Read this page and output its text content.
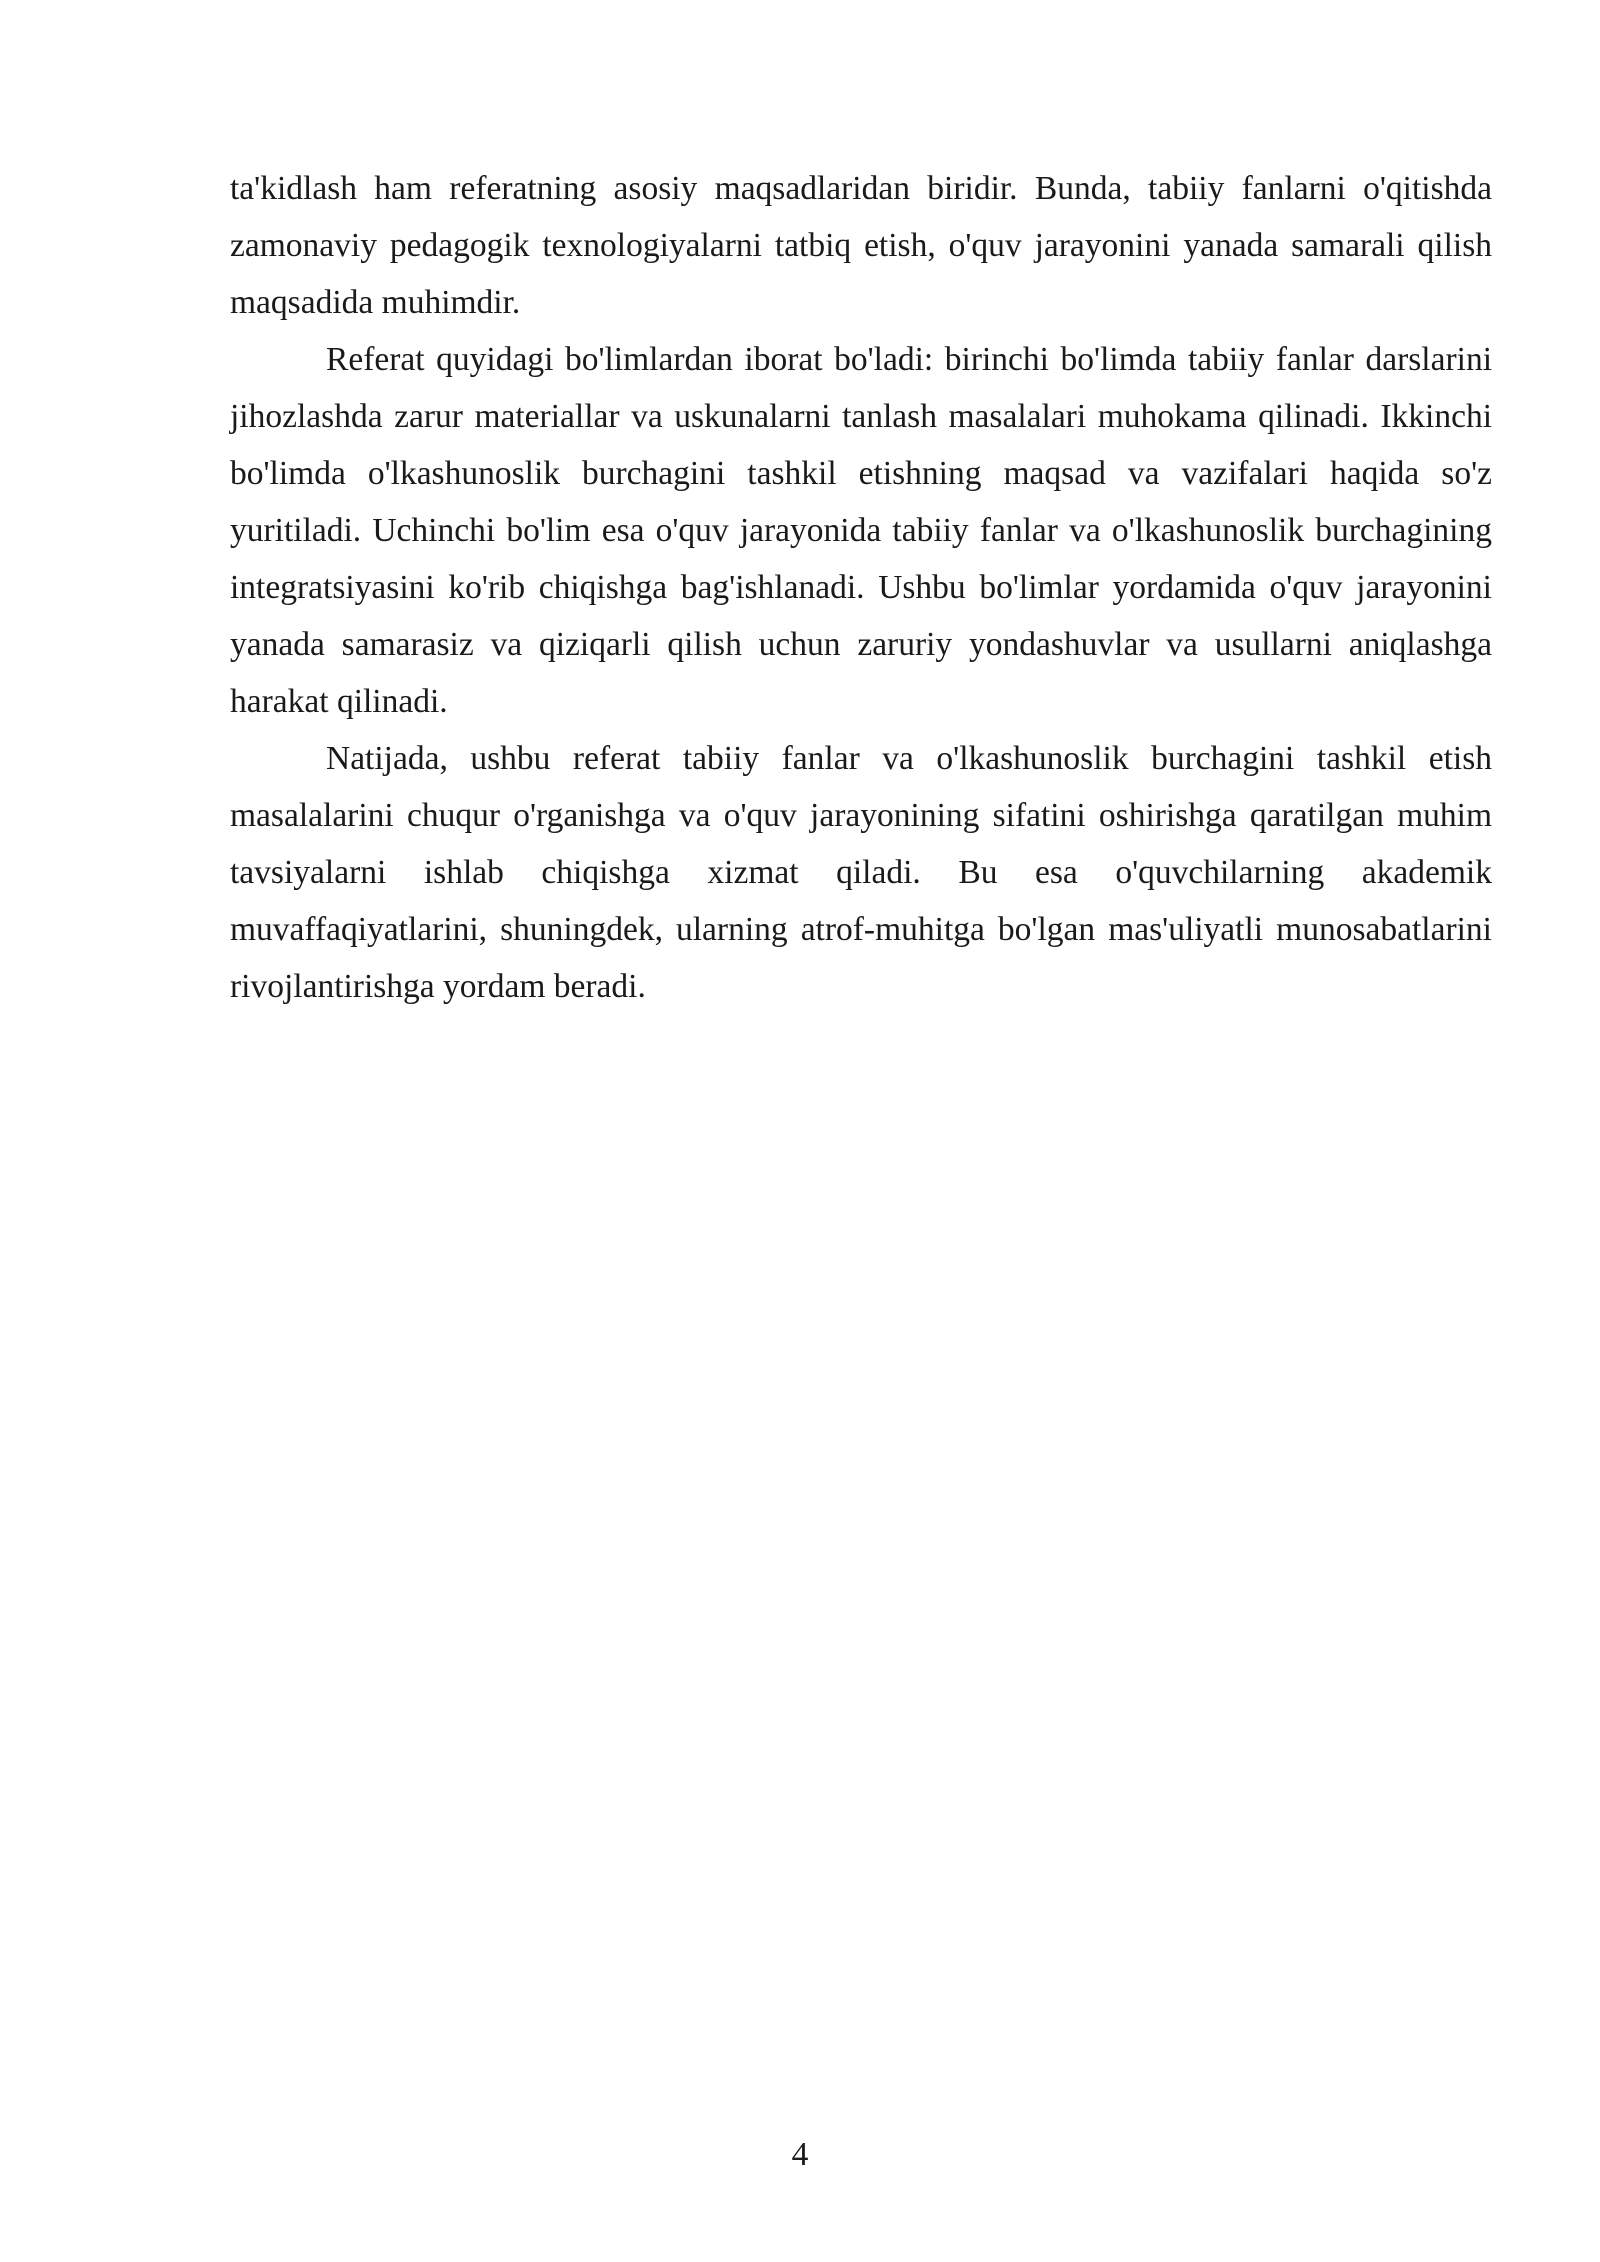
ta'kidlash ham referatning asosiy maqsadlaridan biridir. Bunda, tabiiy fanlarni o'qitishda zamonaviy pedagogik texnologiyalarni tatbiq etish, o'quv jarayonini yanada samarali qilish maqsadida muhimdir.

Referat quyidagi bo'limlardan iborat bo'ladi: birinchi bo'limda tabiiy fanlar darslarini jihozlashda zarur materiallar va uskunalarni tanlash masalalari muhokama qilinadi. Ikkinchi bo'limda o'lkashunoslik burchagini tashkil etishning maqsad va vazifalari haqida so'z yuritiladi. Uchinchi bo'lim esa o'quv jarayonida tabiiy fanlar va o'lkashunoslik burchagining integratsiyasini ko'rib chiqishga bag'ishlanadi. Ushbu bo'limlar yordamida o'quv jarayonini yanada samarasiz va qiziqarli qilish uchun zaruriy yondashuvlar va usullarni aniqlashga harakat qilinadi.

Natijada, ushbu referat tabiiy fanlar va o'lkashunoslik burchagini tashkil etish masalalarini chuqur o'rganishga va o'quv jarayonining sifatini oshirishga qaratilgan muhim tavsiyalarni ishlab chiqishga xizmat qiladi. Bu esa o'quvchilarning akademik muvaffaqiyatlarini, shuningdek, ularning atrof-muhitga bo'lgan mas'uliyatli munosabatlarini rivojlantirishga yordam beradi.

4
